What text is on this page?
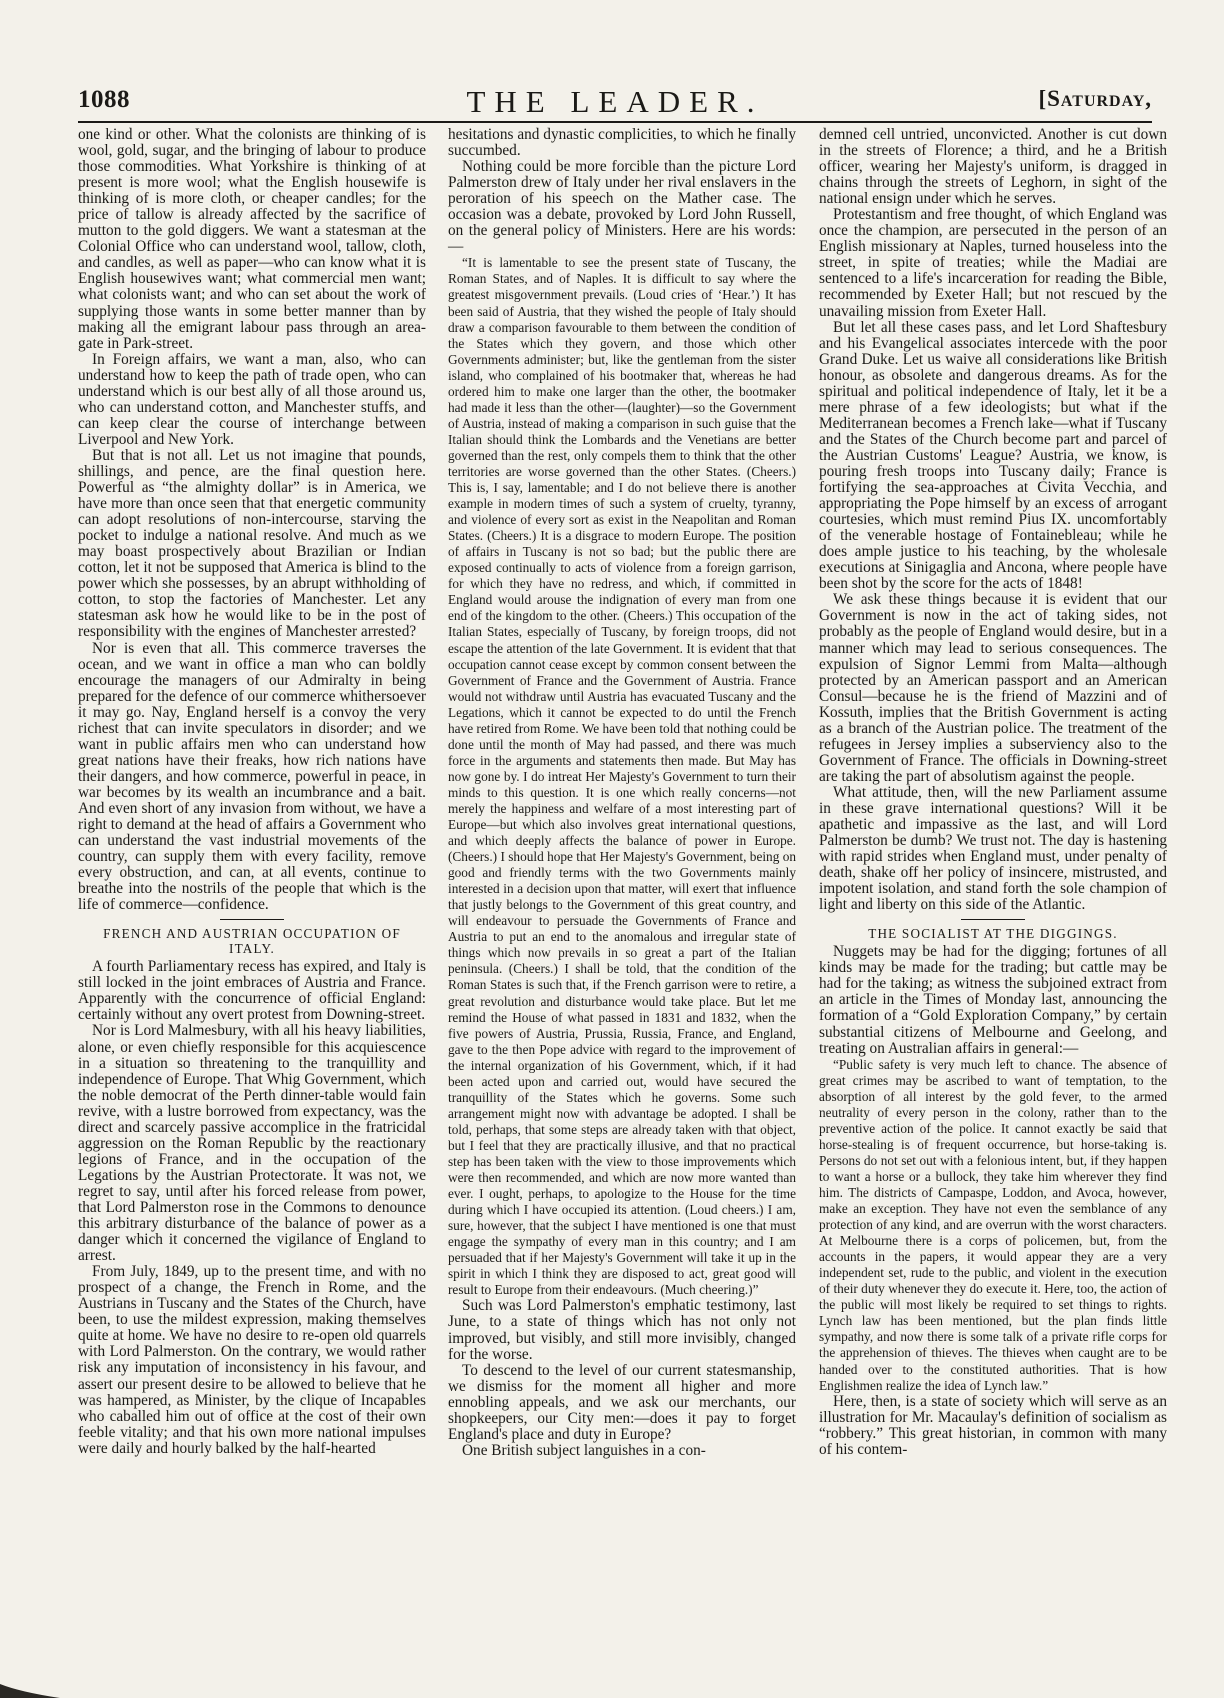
1088	THE LEADER.	[Saturday,

one kind or other. What the colonists are thinking of is wool, gold, sugar, and the bringing of labour to produce those commodities. What Yorkshire is thinking of at present is more wool; what the English housewife is thinking of is more cloth, or cheaper candles; for the price of tallow is already affected by the sacrifice of mutton to the gold diggers. We want a statesman at the Colonial Office who can understand wool, tallow, cloth, and candles, as well as paper—who can know what it is English housewives want; what commercial men want; what colonists want; and who can set about the work of supplying those wants in some better manner than by making all the emigrant labour pass through an area-gate in Park-street.

In Foreign affairs, we want a man, also, who can understand how to keep the path of trade open, who can understand which is our best ally of all those around us, who can understand cotton, and Manchester stuffs, and can keep clear the course of interchange between Liverpool and New York.

But that is not all. Let us not imagine that pounds, shillings, and pence, are the final question here. Powerful as “the almighty dollar” is in America, we have more than once seen that that energetic community can adopt resolutions of non-intercourse, starving the pocket to indulge a national resolve. And much as we may boast prospectively about Brazilian or Indian cotton, let it not be supposed that America is blind to the power which she possesses, by an abrupt withholding of cotton, to stop the factories of Manchester. Let any statesman ask how he would like to be in the post of responsibility with the engines of Manchester arrested?

Nor is even that all. This commerce traverses the ocean, and we want in office a man who can boldly encourage the managers of our Admiralty in being prepared for the defence of our commerce whithersoever it may go. Nay, England herself is a convoy the very richest that can invite speculators in disorder; and we want in public affairs men who can understand how great nations have their freaks, how rich nations have their dangers, and how commerce, powerful in peace, in war becomes by its wealth an incumbrance and a bait. And even short of any invasion from without, we have a right to demand at the head of affairs a Government who can understand the vast industrial movements of the country, can supply them with every facility, remove every obstruction, and can, at all events, continue to breathe into the nostrils of the people that which is the life of commerce—confidence.

FRENCH AND AUSTRIAN OCCUPATION OF ITALY.

A fourth Parliamentary recess has expired, and Italy is still locked in the joint embraces of Austria and France. Apparently with the concurrence of official England: certainly without any overt protest from Downing-street.

Nor is Lord Malmesbury, with all his heavy liabilities, alone, or even chiefly responsible for this acquiescence in a situation so threatening to the tranquillity and independence of Europe. That Whig Government, which the noble democrat of the Perth dinner-table would fain revive, with a lustre borrowed from expectancy, was the direct and scarcely passive accomplice in the fratricidal aggression on the Roman Republic by the reactionary legions of France, and in the occupation of the Legations by the Austrian Protectorate. It was not, we regret to say, until after his forced release from power, that Lord Palmerston rose in the Commons to denounce this arbitrary disturbance of the balance of power as a danger which it concerned the vigilance of England to arrest.

From July, 1849, up to the present time, and with no prospect of a change, the French in Rome, and the Austrians in Tuscany and the States of the Church, have been, to use the mildest expression, making themselves quite at home. We have no desire to re-open old quarrels with Lord Palmerston. On the contrary, we would rather risk any imputation of inconsistency in his favour, and assert our present desire to be allowed to believe that he was hampered, as Minister, by the clique of Incapables who caballed him out of office at the cost of their own feeble vitality; and that his own more national impulses were daily and hourly balked by the half-hearted

hesitations and dynastic complicities, to which he finally succumbed.

Nothing could be more forcible than the picture Lord Palmerston drew of Italy under her rival enslavers in the peroration of his speech on the Mather case. The occasion was a debate, provoked by Lord John Russell, on the general policy of Ministers. Here are his words:—

“It is lamentable to see the present state of Tuscany, the Roman States, and of Naples. It is difficult to say where the greatest misgovernment prevails. (Loud cries of ‘Hear.’) It has been said of Austria, that they wished the people of Italy should draw a comparison favourable to them between the condition of the States which they govern, and those which other Governments administer; but, like the gentleman from the sister island, who complained of his bootmaker that, whereas he had ordered him to make one larger than the other, the bootmaker had made it less than the other—(laughter)—so the Government of Austria, instead of making a comparison in such guise that the Italian should think the Lombards and the Venetians are better governed than the rest, only compels them to think that the other territories are worse governed than the other States. (Cheers.) This is, I say, lamentable; and I do not believe there is another example in modern times of such a system of cruelty, tyranny, and violence of every sort as exist in the Neapolitan and Roman States. (Cheers.) It is a disgrace to modern Europe. The position of affairs in Tuscany is not so bad; but the public there are exposed continually to acts of violence from a foreign garrison, for which they have no redress, and which, if committed in England would arouse the indignation of every man from one end of the kingdom to the other. (Cheers.) This occupation of the Italian States, especially of Tuscany, by foreign troops, did not escape the attention of the late Government. It is evident that that occupation cannot cease except by common consent between the Government of France and the Government of Austria. France would not withdraw until Austria has evacuated Tuscany and the Legations, which it cannot be expected to do until the French have retired from Rome. We have been told that nothing could be done until the month of May had passed, and there was much force in the arguments and statements then made. But May has now gone by. I do intreat Her Majesty's Government to turn their minds to this question. It is one which really concerns—not merely the happiness and welfare of a most interesting part of Europe—but which also involves great international questions, and which deeply affects the balance of power in Europe. (Cheers.) I should hope that Her Majesty's Government, being on good and friendly terms with the two Governments mainly interested in a decision upon that matter, will exert that influence that justly belongs to the Government of this great country, and will endeavour to persuade the Governments of France and Austria to put an end to the anomalous and irregular state of things which now prevails in so great a part of the Italian peninsula. (Cheers.) I shall be told, that the condition of the Roman States is such that, if the French garrison were to retire, a great revolution and disturbance would take place. But let me remind the House of what passed in 1831 and 1832, when the five powers of Austria, Prussia, Russia, France, and England, gave to the then Pope advice with regard to the improvement of the internal organization of his Government, which, if it had been acted upon and carried out, would have secured the tranquillity of the States which he governs. Some such arrangement might now with advantage be adopted. I shall be told, perhaps, that some steps are already taken with that object, but I feel that they are practically illusive, and that no practical step has been taken with the view to those improvements which were then recommended, and which are now more wanted than ever. I ought, perhaps, to apologize to the House for the time during which I have occupied its attention. (Loud cheers.) I am, sure, however, that the subject I have mentioned is one that must engage the sympathy of every man in this country; and I am persuaded that if her Majesty's Government will take it up in the spirit in which I think they are disposed to act, great good will result to Europe from their endeavours. (Much cheering.)”

Such was Lord Palmerston's emphatic testimony, last June, to a state of things which has not only not improved, but visibly, and still more invisibly, changed for the worse.

To descend to the level of our current statesmanship, we dismiss for the moment all higher and more ennobling appeals, and we ask our merchants, our shopkeepers, our City men:—does it pay to forget England's place and duty in Europe?

One British subject languishes in a con-

demned cell untried, unconvicted. Another is cut down in the streets of Florence; a third, and he a British officer, wearing her Majesty's uniform, is dragged in chains through the streets of Leghorn, in sight of the national ensign under which he serves.

Protestantism and free thought, of which England was once the champion, are persecuted in the person of an English missionary at Naples, turned houseless into the street, in spite of treaties; while the Madiai are sentenced to a life's incarceration for reading the Bible, recommended by Exeter Hall; but not rescued by the unavailing mission from Exeter Hall.

But let all these cases pass, and let Lord Shaftesbury and his Evangelical associates intercede with the poor Grand Duke. Let us waive all considerations like British honour, as obsolete and dangerous dreams. As for the spiritual and political independence of Italy, let it be a mere phrase of a few ideologists; but what if the Mediterranean becomes a French lake—what if Tuscany and the States of the Church become part and parcel of the Austrian Customs' League? Austria, we know, is pouring fresh troops into Tuscany daily; France is fortifying the sea-approaches at Civita Vecchia, and appropriating the Pope himself by an excess of arrogant courtesies, which must remind Pius IX. uncomfortably of the venerable hostage of Fontainebleau; while he does ample justice to his teaching, by the wholesale executions at Sinigaglia and Ancona, where people have been shot by the score for the acts of 1848!

We ask these things because it is evident that our Government is now in the act of taking sides, not probably as the people of England would desire, but in a manner which may lead to serious consequences. The expulsion of Signor Lemmi from Malta—although protected by an American passport and an American Consul—because he is the friend of Mazzini and of Kossuth, implies that the British Government is acting as a branch of the Austrian police. The treatment of the refugees in Jersey implies a subserviency also to the Government of France. The officials in Downing-street are taking the part of absolutism against the people.

What attitude, then, will the new Parliament assume in these grave international questions? Will it be apathetic and impassive as the last, and will Lord Palmerston be dumb? We trust not. The day is hastening with rapid strides when England must, under penalty of death, shake off her policy of insincere, mistrusted, and impotent isolation, and stand forth the sole champion of light and liberty on this side of the Atlantic.

THE SOCIALIST AT THE DIGGINGS.

Nuggets may be had for the digging; fortunes of all kinds may be made for the trading; but cattle may be had for the taking; as witness the subjoined extract from an article in the Times of Monday last, announcing the formation of a “Gold Exploration Company,” by certain substantial citizens of Melbourne and Geelong, and treating on Australian affairs in general:—

“Public safety is very much left to chance. The absence of great crimes may be ascribed to want of temptation, to the absorption of all interest by the gold fever, to the armed neutrality of every person in the colony, rather than to the preventive action of the police. It cannot exactly be said that horse-stealing is of frequent occurrence, but horse-taking is. Persons do not set out with a felonious intent, but, if they happen to want a horse or a bullock, they take him wherever they find him. The districts of Campaspe, Loddon, and Avoca, however, make an exception. They have not even the semblance of any protection of any kind, and are overrun with the worst characters. At Melbourne there is a corps of policemen, but, from the accounts in the papers, it would appear they are a very independent set, rude to the public, and violent in the execution of their duty whenever they do execute it. Here, too, the action of the public will most likely be required to set things to rights. Lynch law has been mentioned, but the plan finds little sympathy, and now there is some talk of a private rifle corps for the apprehension of thieves. The thieves when caught are to be handed over to the constituted authorities. That is how Englishmen realize the idea of Lynch law.”

Here, then, is a state of society which will serve as an illustration for Mr. Macaulay's definition of socialism as “robbery.” This great historian, in common with many of his contem-
